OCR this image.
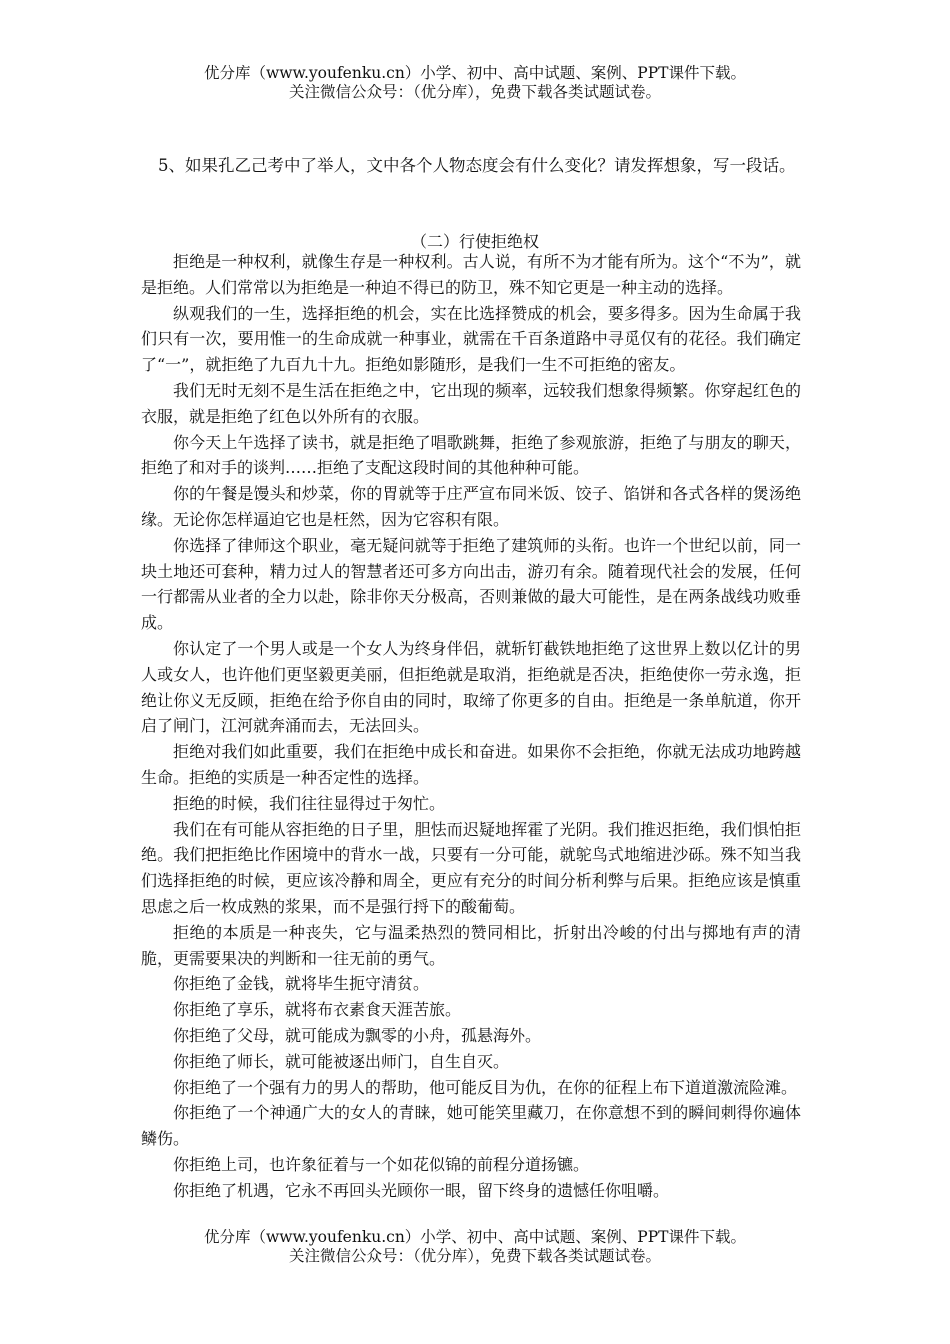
优分库（www.youfenku.cn）小学、初中、高中试题、案例、PPT课件下载。
关注微信公众号：（优分库），免费下载各类试题试卷。
5、如果孔乙己考中了举人，文中各个人物态度会有什么变化？请发挥想象，写一段话。
（二）行使拒绝权

拒绝是一种权利，就像生存是一种权利。古人说，有所不为才能有所为。这个“不为”，就是拒绝。人们常常以为拒绝是一种迫不得已的防卫，殊不知它更是一种主动的选择。

纵观我们的一生，选择拒绝的机会，实在比选择赞成的机会，要多得多。因为生命属于我们只有一次，要用惟一的生命成就一种事业，就需在千百条道路中寻觅仅有的花径。我们确定了“一”，就拒绝了九百九十九。拒绝如影随形，是我们一生不可拒绝的密友。

我们无时无刻不是生活在拒绝之中，它出现的频率，远较我们想象得频繁。你穿起红色的衣服，就是拒绝了红色以外所有的衣服。

你今天上午选择了读书，就是拒绝了唱歌跳舞，拒绝了参观旅游，拒绝了与朋友的聊天，拒绝了和对手的谈判……拒绝了支配这段时间的其他种种可能。

你的午餐是馒头和炒菜，你的胃就等于庄严宣布同米饭、饺子、馅饼和各式各样的煲汤绝缘。无论你怎样逼迫它也是枉然，因为它容积有限。

你选择了律师这个职业，毫无疑问就等于拒绝了建筑师的头衔。也许一个世纪以前，同一块土地还可套种，精力过人的智慧者还可多方向出击，游刃有余。随着现代社会的发展，任何一行都需从业者的全力以赴，除非你天分极高，否则兼做的最大可能性，是在两条战线功败垂成。

你认定了一个男人或是一个女人为终身伴侣，就斩钉截铁地拒绝了这世界上数以亿计的男人或女人，也许他们更坚毅更美丽，但拒绝就是取消，拒绝就是否决，拒绝使你一劳永逸，拒绝让你义无反顾，拒绝在给予你自由的同时，取缔了你更多的自由。拒绝是一条单航道，你开启了闸门，江河就奔涌而去，无法回头。

拒绝对我们如此重要，我们在拒绝中成长和奋进。如果你不会拒绝，你就无法成功地跨越生命。拒绝的实质是一种否定性的选择。

拒绝的时候，我们往往显得过于匆忙。

我们在有可能从容拒绝的日子里，胆怯而迟疑地挥霍了光阴。我们推迟拒绝，我们惧怕拒绝。我们把拒绝比作困境中的背水一战，只要有一分可能，就鸵鸟式地缩进沙砾。殊不知当我们选择拒绝的时候，更应该冷静和周全，更应有充分的时间分析利弊与后果。拒绝应该是慎重思虑之后一枚成熟的浆果，而不是强行捋下的酸葡萄。

拒绝的本质是一种丧失，它与温柔热烈的赞同相比，折射出冷峻的付出与掷地有声的清脆，更需要果决的判断和一往无前的勇气。

你拒绝了金钱，就将毕生扼守清贫。

你拒绝了享乐，就将布衣素食天涯苦旅。

你拒绝了父母，就可能成为飘零的小舟，孤悬海外。

你拒绝了师长，就可能被逐出师门，自生自灭。

你拒绝了一个强有力的男人的帮助，他可能反目为仇，在你的征程上布下道道激流险滩。

你拒绝了一个神通广大的女人的青睐，她可能笑里藏刀，在你意想不到的瞬间刺得你遍体鳞伤。

你拒绝上司，也许象征着与一个如花似锦的前程分道扬镳。

你拒绝了机遇，它永不再回头光顾你一眼，留下终身的遗憾任你咀嚼。

优分库（www.youfenku.cn）小学、初中、高中试题、案例、PPT课件下载。
关注微信公众号：（优分库），免费下载各类试题试卷。
